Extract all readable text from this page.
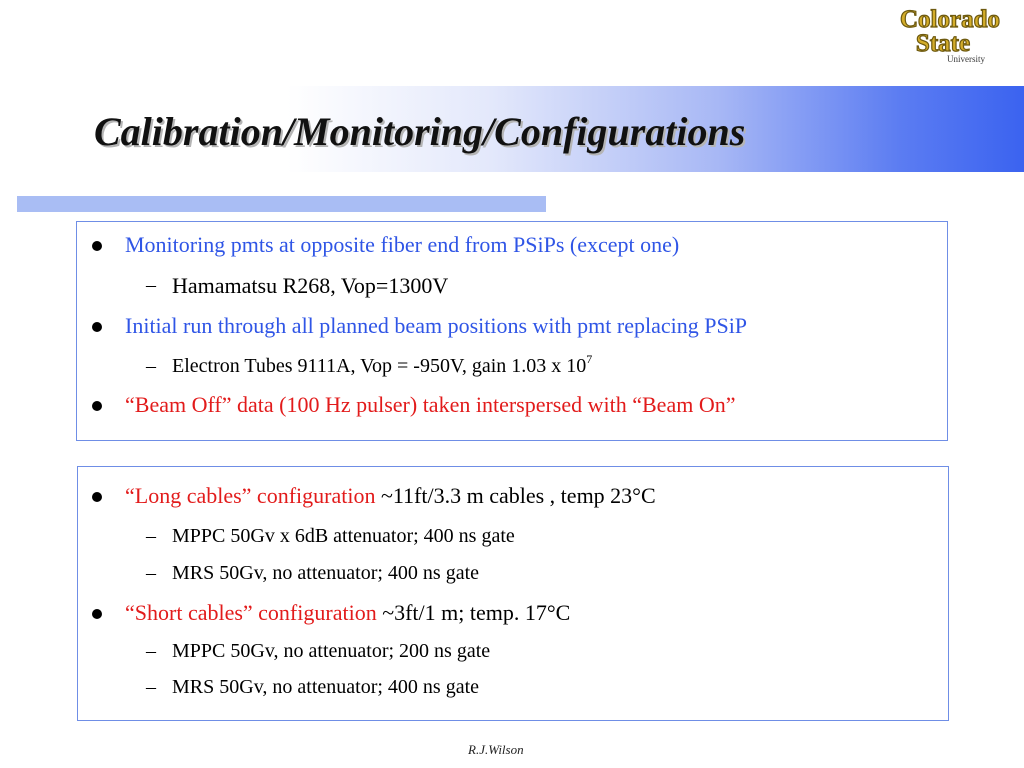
Colorado
State
University
Calibration/Monitoring/Configurations
Monitoring pmts at opposite fiber end from PSiPs (except one)
– Hamamatsu R268, Vop=1300V
Initial run through all planned beam positions with pmt replacing PSiP
– Electron Tubes 9111A, Vop = -950V, gain 1.03 x $10^7$
“Beam Off” data (100 Hz pulser) taken interspersed with “Beam On”
“Long cables” configuration ~11ft/3.3 m cables , temp 23°C
– MPPC 50Gv x 6dB attenuator; 400 ns gate
– MRS 50Gv, no attenuator; 400 ns gate
“Short cables” configuration ~3ft/1 m; temp. 17°C
– MPPC 50Gv, no attenuator; 200 ns gate
– MRS 50Gv, no attenuator; 400 ns gate
R.J.Wilson
